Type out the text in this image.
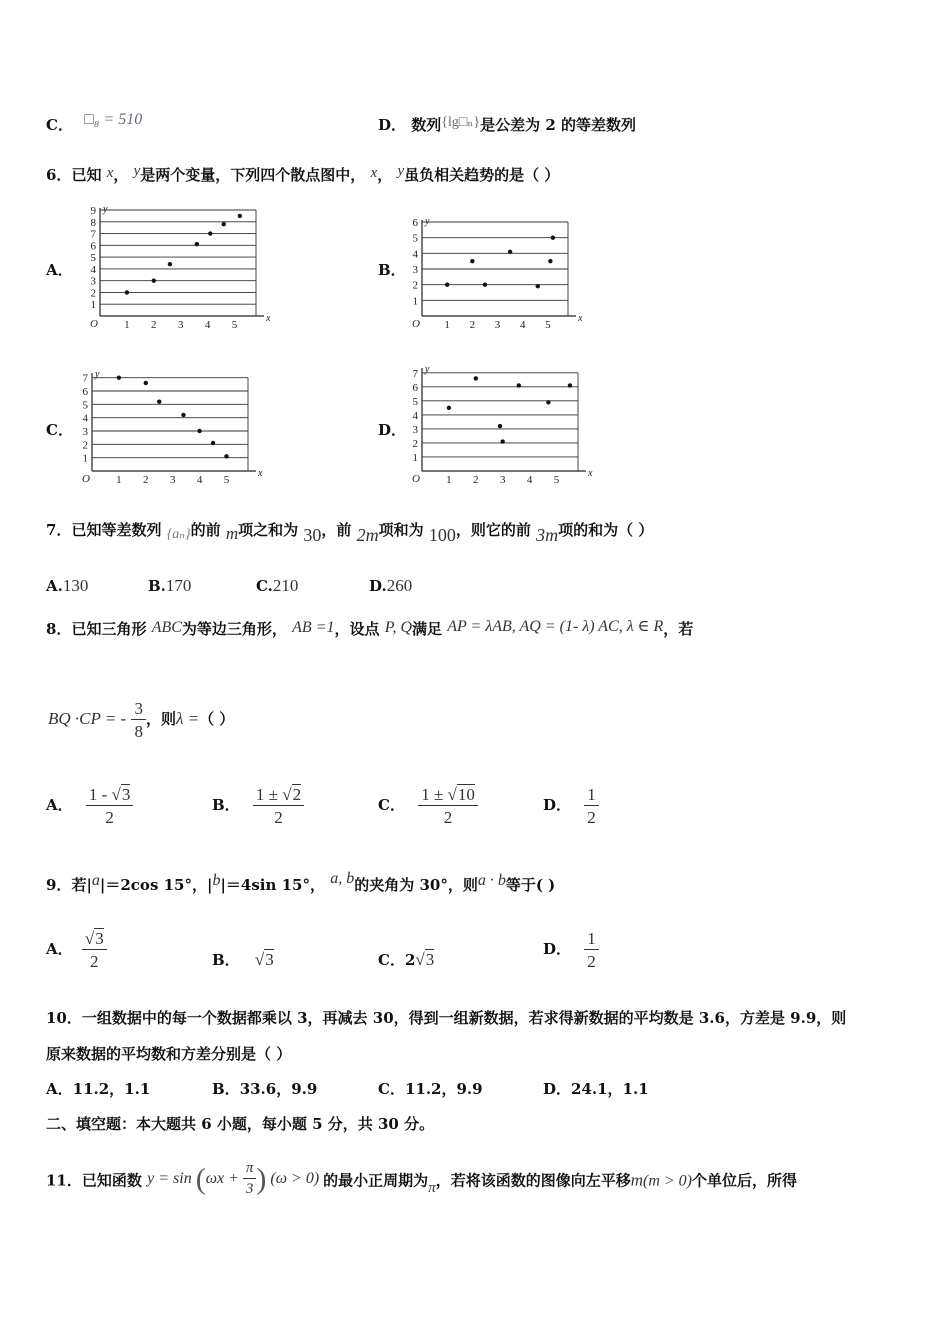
C． □₈ = 510	D． 数列{lg□ₙ}是公差为 2 的等差数列
6．已知 x， y是两个变量，下列四个散点图中， x， y虽负相关趋势的是（ ）
A．	B．
C．	D．
1
2
3
4
5
6
7
8
9
1 2 3 4 5
O	x
y
1
2
3
4
5
6
1 2 3 4 5
O	x
y
1
2
3
4
5
6
7
1 2 3 4 5
O	x
y
1
2
3
4
5
6
7
1 2 3 4 5
O	x
y
7．已知等差数列 {aₙ}的前 m项之和为 30，前 2m项和为 100，则它的前 3m项的和为（ ）
A.130	B.170	C.210	D.260
8．已知三角形 ABC为等边三角形， AB =1，设点 P, Q满足 AP = λAB, AQ = (1- λ) AC, λ ∈ R，若
BQ ·CP = - $\frac{3}{8}$ ，则λ =（ ）
A． $\frac{1 - √3}{2}$	B． $\frac{1 \pm √2}{2}$	C． $\frac{1 \pm √10}{2}$	D． $\frac{1}{2}$
9．若|a|＝2cos 15°，|b|＝4sin 15°， a, b的夹角为 30°，则a · b等于( )
A． $\frac{√3}{2}$	B． √3	C．2√3
D． $\frac{1}{2}$
10．一组数据中的每一个数据都乘以 3，再减去 30，得到一组新数据，若求得新数据的平均数是 3.6，方差是 9.9，则
原来数据的平均数和方差分别是（ ）
A．11.2，1.1	B．33.6，9.9	C．11.2，9.9	D．24.1，1.1
二、填空题：本大题共 6 小题，每小题 5 分，共 30 分。
11．已知函数 $y = \sin (\omega x + \frac{\pi}{3}$ ) (ω > 0) 的最小正周期为π，若将该函数的图像向左平移m(m > 0)个单位后，所得
